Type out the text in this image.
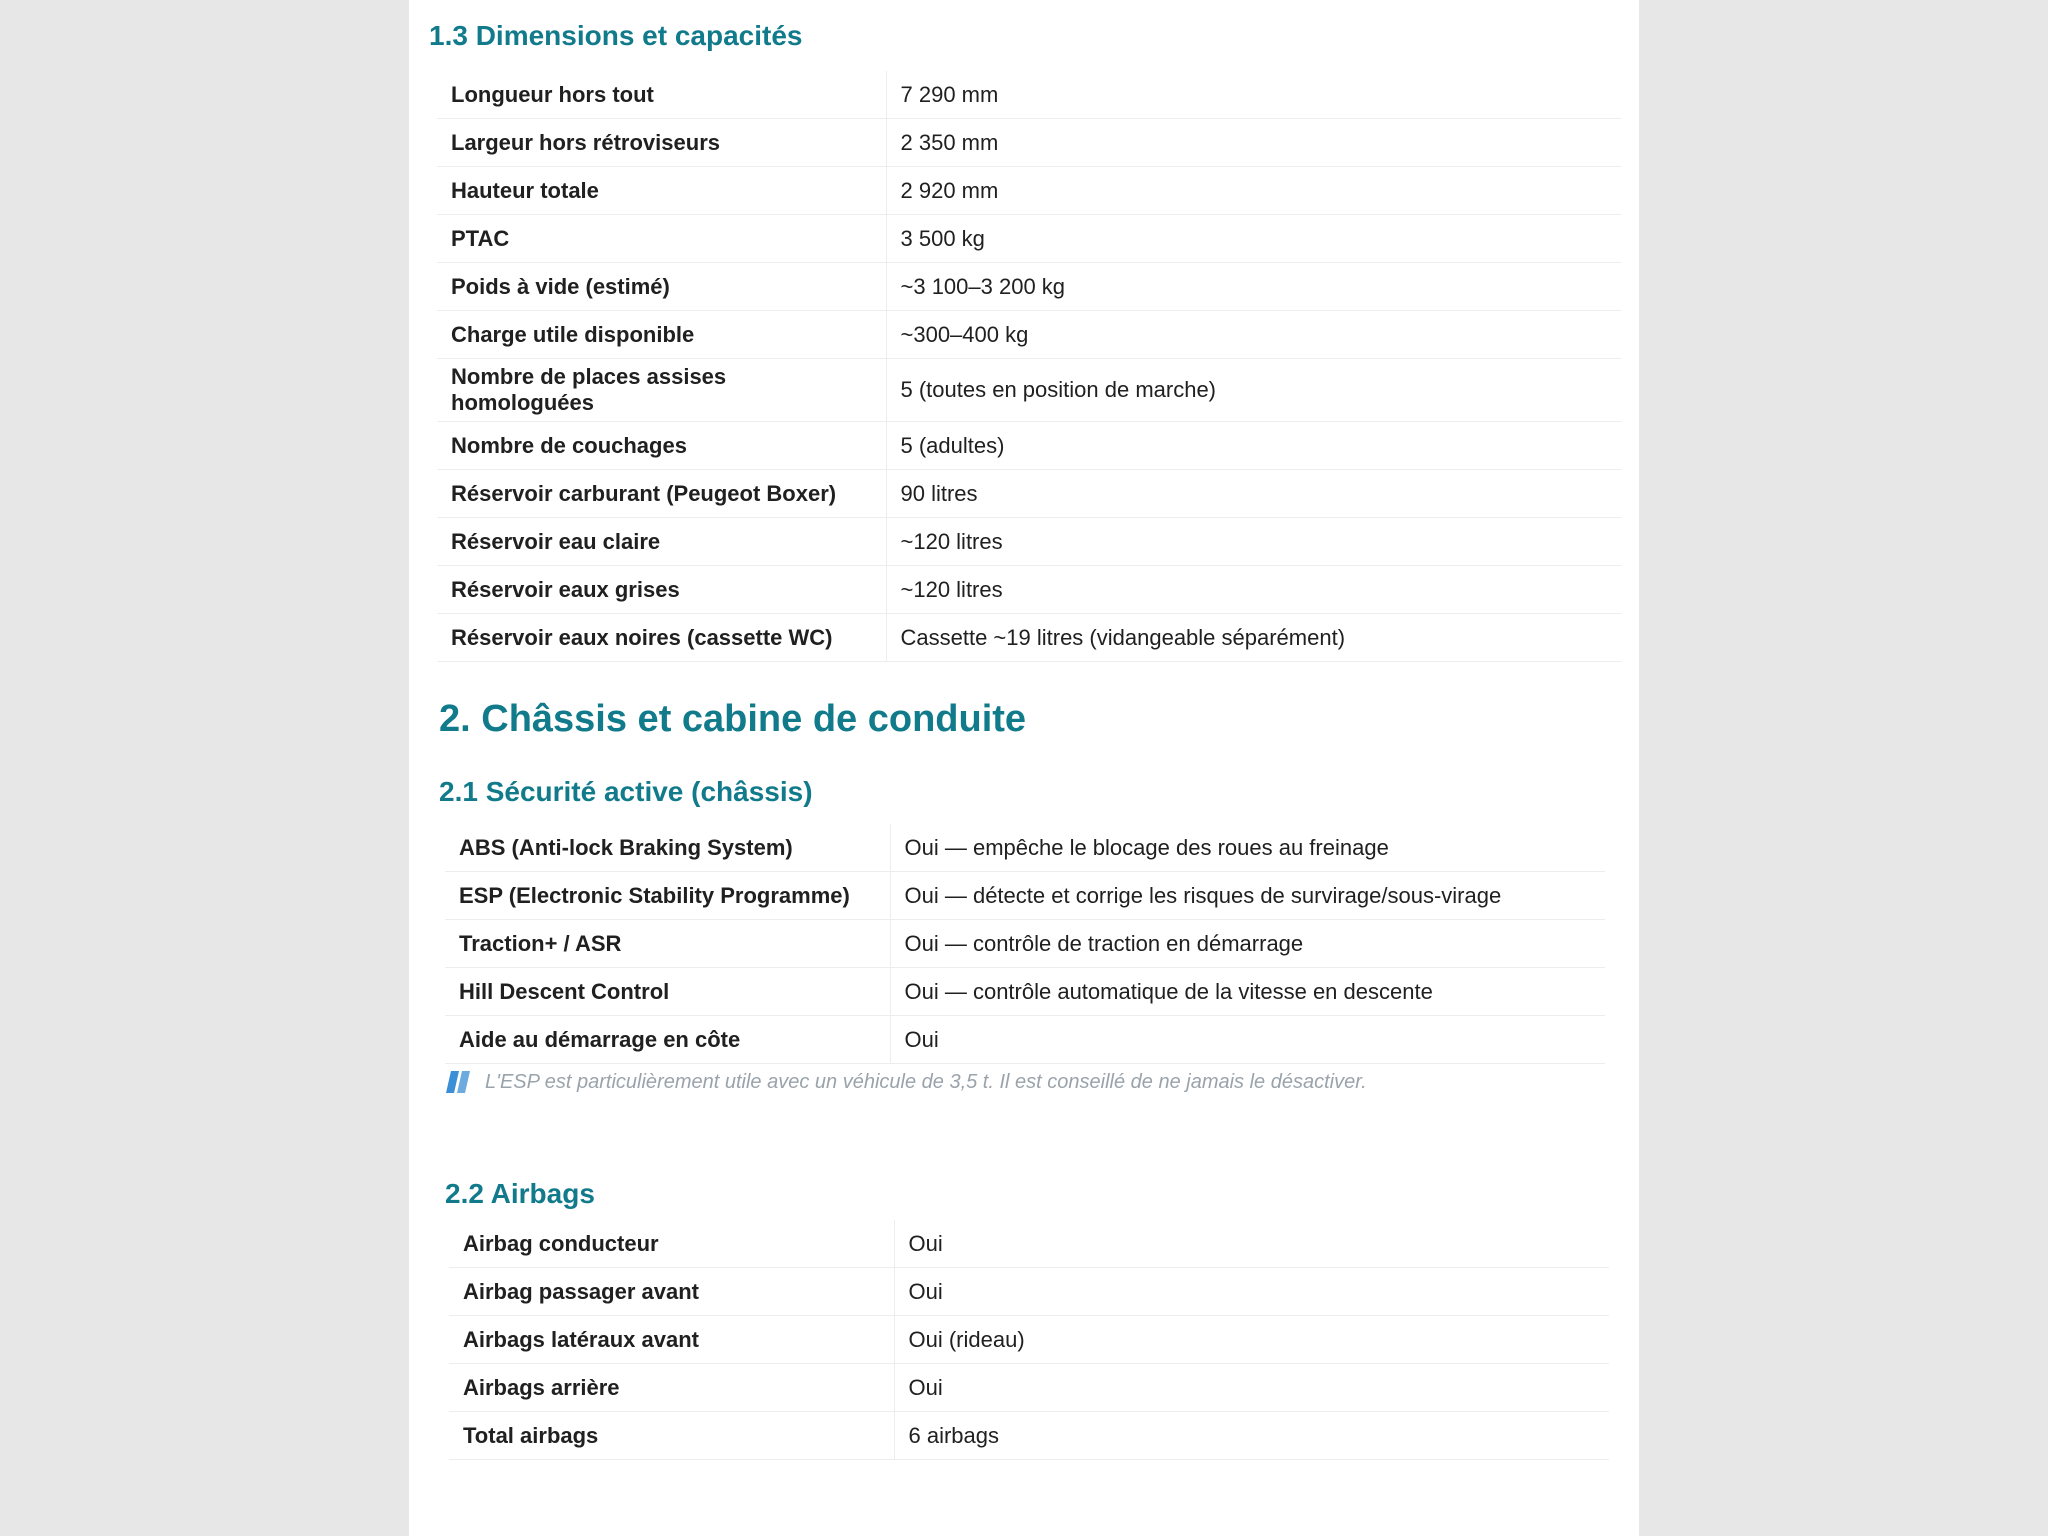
1.3 Dimensions et capacités
Longueur hors tout	7 290 mm
Largeur hors rétroviseurs	2 350 mm
Hauteur totale	2 920 mm
PTAC	3 500 kg
Poids à vide (estimé)	~3 100–3 200 kg
Charge utile disponible	~300–400 kg
Nombre de places assises homologuées	5 (toutes en position de marche)
Nombre de couchages	5 (adultes)
Réservoir carburant (Peugeot Boxer)	90 litres
Réservoir eau claire	~120 litres
Réservoir eaux grises	~120 litres
Réservoir eaux noires (cassette WC)	Cassette ~19 litres (vidangeable séparément)
2. Châssis et cabine de conduite
2.1 Sécurité active (châssis)
ABS (Anti-lock Braking System)	Oui — empêche le blocage des roues au freinage
ESP (Electronic Stability Programme)	Oui — détecte et corrige les risques de survirage/sous-virage
Traction+ / ASR	Oui — contrôle de traction en démarrage
Hill Descent Control	Oui — contrôle automatique de la vitesse en descente
Aide au démarrage en côte	Oui
L'ESP est particulièrement utile avec un véhicule de 3,5 t. Il est conseillé de ne jamais le désactiver.
2.2 Airbags
Airbag conducteur	Oui
Airbag passager avant	Oui
Airbags latéraux avant	Oui (rideau)
Airbags arrière	Oui
Total airbags	6 airbags
